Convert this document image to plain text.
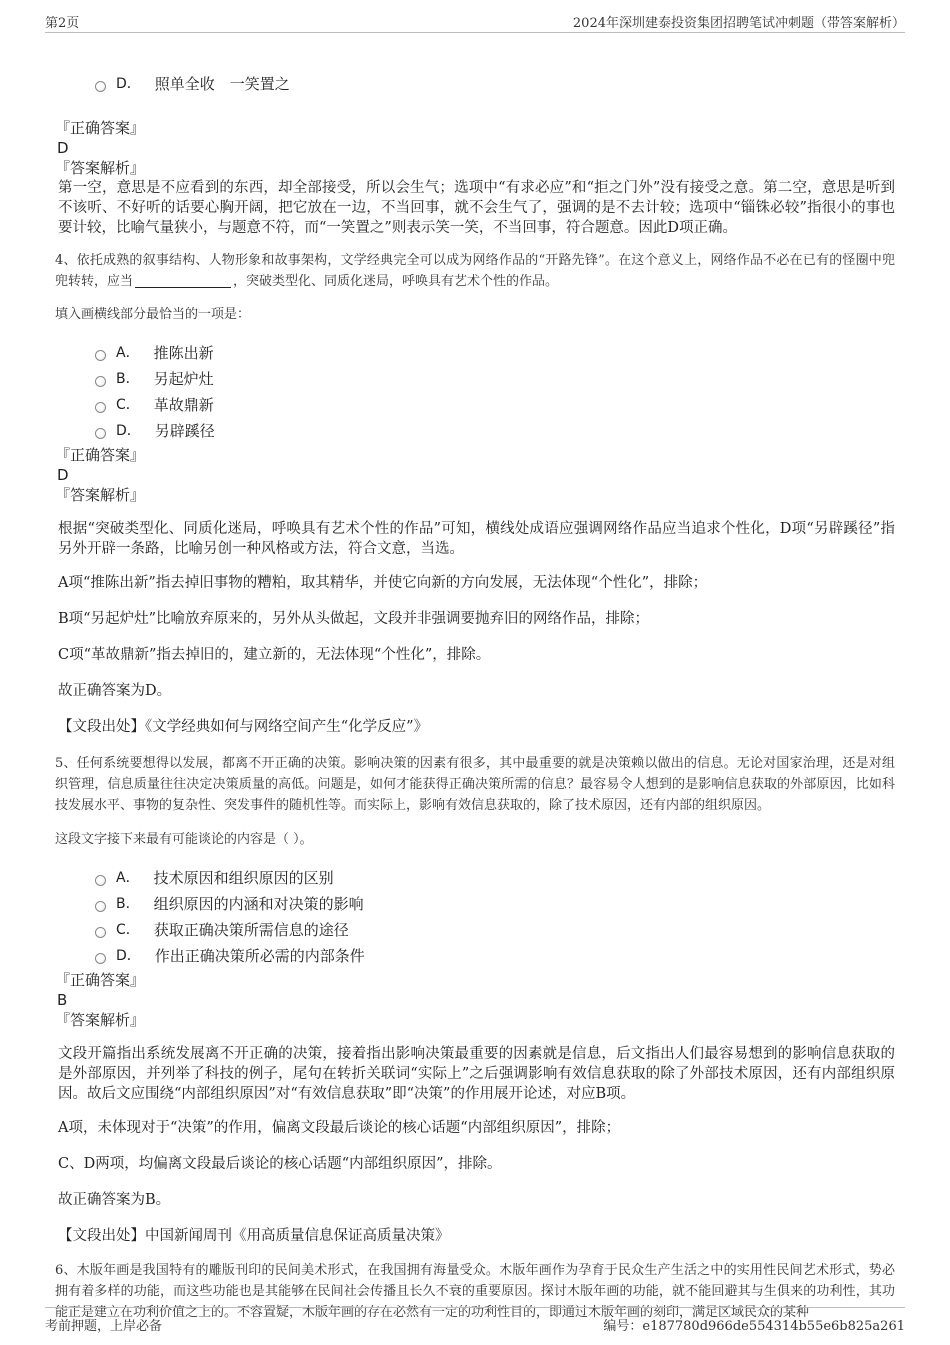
第2页	2024年深圳建泰投资集团招聘笔试冲刺题（带答案解析）
D． 照单全收　一笑置之
『正确答案』
D
『答案解析』

第一空，意思是不应看到的东西，却全部接受，所以会生气；选项中“有求必应”和“拒之门外”没有接受之意。第二空，意思是听到不该听、不好听的话要心胸开阔，把它放在一边，不当回事，就不会生气了，强调的是不去计较；选项中“锱铢必较”指很小的事也要计较，比喻气量狭小，与题意不符，而“一笑置之”则表示笑一笑，不当回事，符合题意。因此D项正确。

4、依托成熟的叙事结构、人物形象和故事架构，文学经典完全可以成为网络作品的“开路先锋”。在这个意义上，网络作品不必在已有的怪圈中兜兜转转，应当	，突破类型化、同质化迷局，呼唤具有艺术个性的作品。
填入画横线部分最恰当的一项是：
A． 推陈出新
B． 另起炉灶
C． 革故鼎新
D． 另辟蹊径
『正确答案』
D
『答案解析』

根据“突破类型化、同质化迷局，呼唤具有艺术个性的作品”可知，横线处成语应强调网络作品应当追求个性化，D项“另辟蹊径”指另外开辟一条路，比喻另创一种风格或方法，符合文意，当选。

A项“推陈出新”指去掉旧事物的糟粕，取其精华，并使它向新的方向发展，无法体现“个性化”，排除；

B项“另起炉灶”比喻放弃原来的，另外从头做起，文段并非强调要抛弃旧的网络作品，排除；

C项“革故鼎新”指去掉旧的，建立新的，无法体现“个性化”，排除。

故正确答案为D。

【文段出处】《文学经典如何与网络空间产生“化学反应”》

5、任何系统要想得以发展，都离不开正确的决策。影响决策的因素有很多，其中最重要的就是决策赖以做出的信息。无论对国家治理，还是对组织管理，信息质量往往决定决策质量的高低。问题是，如何才能获得正确决策所需的信息？最容易令人想到的是影响信息获取的外部原因，比如科技发展水平、事物的复杂性、突发事件的随机性等。而实际上，影响有效信息获取的，除了技术原因，还有内部的组织原因。
这段文字接下来最有可能谈论的内容是（ ）。
A． 技术原因和组织原因的区别
B． 组织原因的内涵和对决策的影响
C． 获取正确决策所需信息的途径
D． 作出正确决策所必需的内部条件
『正确答案』
B
『答案解析』

文段开篇指出系统发展离不开正确的决策，接着指出影响决策最重要的因素就是信息，后文指出人们最容易想到的影响信息获取的是外部原因，并列举了科技的例子，尾句在转折关联词“实际上”之后强调影响有效信息获取的除了外部技术原因，还有内部组织原因。故后文应围绕“内部组织原因”对“有效信息获取”即“决策”的作用展开论述，对应B项。

A项，未体现对于“决策”的作用，偏离文段最后谈论的核心话题“内部组织原因”，排除；

C、D两项，均偏离文段最后谈论的核心话题“内部组织原因”，排除。

故正确答案为B。

【文段出处】中国新闻周刊《用高质量信息保证高质量决策》

6、木版年画是我国特有的雕版刊印的民间美术形式，在我国拥有海量受众。木版年画作为孕育于民众生产生活之中的实用性民间艺术形式，势必拥有着多样的功能，而这些功能也是其能够在民间社会传播且长久不衰的重要原因。探讨木版年画的功能，就不能回避其与生俱来的功利性，其功能正是建立在功利价值之上的。不容置疑，木版年画的存在必然有一定的功利性目的，即通过木版年画的刻印，满足区域民众的某种
考前押题，上岸必备	编号：e187780d966de554314b55e6b825a261
